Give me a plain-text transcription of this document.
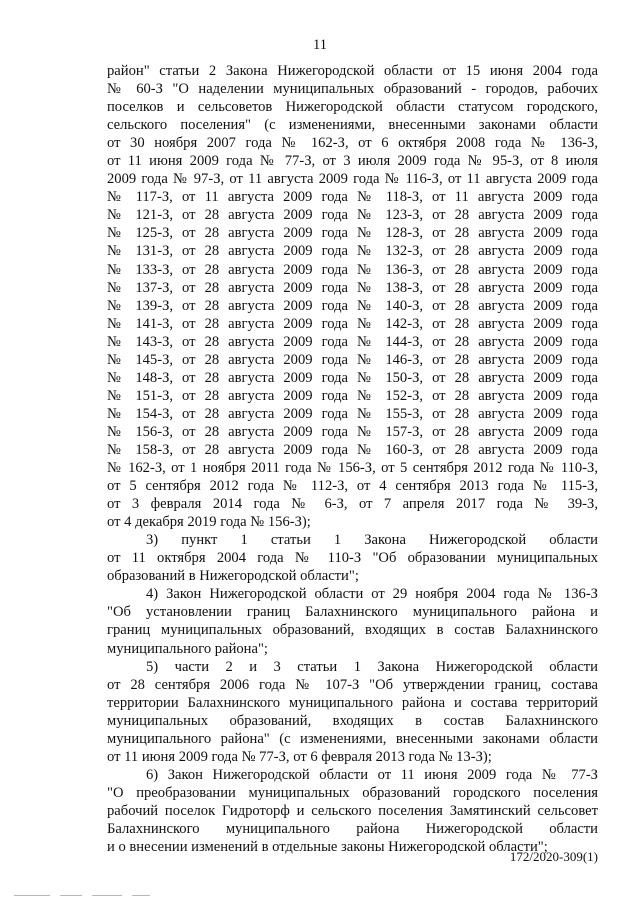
11
район" статьи 2 Закона Нижегородской области от 15 июня 2004 года
№ 60-З "О наделении муниципальных образований - городов, рабочих
поселков и сельсоветов Нижегородской области статусом городского,
сельского поселения" (с изменениями, внесенными законами области
от 30 ноября 2007 года № 162-З, от 6 октября 2008 года № 136-З,
от 11 июня 2009 года № 77-З, от 3 июля 2009 года № 95-З, от 8 июля
2009 года № 97-З, от 11 августа 2009 года № 116-З, от 11 августа 2009 года
№ 117-З, от 11 августа 2009 года № 118-З, от 11 августа 2009 года
№ 121-З, от 28 августа 2009 года № 123-З, от 28 августа 2009 года
№ 125-З, от 28 августа 2009 года № 128-З, от 28 августа 2009 года
№ 131-З, от 28 августа 2009 года № 132-З, от 28 августа 2009 года
№ 133-З, от 28 августа 2009 года № 136-З, от 28 августа 2009 года
№ 137-З, от 28 августа 2009 года № 138-З, от 28 августа 2009 года
№ 139-З, от 28 августа 2009 года № 140-З, от 28 августа 2009 года
№ 141-З, от 28 августа 2009 года № 142-З, от 28 августа 2009 года
№ 143-З, от 28 августа 2009 года № 144-З, от 28 августа 2009 года
№ 145-З, от 28 августа 2009 года № 146-З, от 28 августа 2009 года
№ 148-З, от 28 августа 2009 года № 150-З, от 28 августа 2009 года
№ 151-З, от 28 августа 2009 года № 152-З, от 28 августа 2009 года
№ 154-З, от 28 августа 2009 года № 155-З, от 28 августа 2009 года
№ 156-З, от 28 августа 2009 года № 157-З, от 28 августа 2009 года
№ 158-З, от 28 августа 2009 года № 160-З, от 28 августа 2009 года
№ 162-З, от 1 ноября 2011 года № 156-З, от 5 сентября 2012 года № 110-З,
от 5 сентября 2012 года № 112-З, от 4 сентября 2013 года № 115-З,
от 3 февраля 2014 года № 6-З, от 7 апреля 2017 года № 39-З,
от 4 декабря 2019 года № 156-З);
3) пункт 1 статьи 1 Закона Нижегородской области
от 11 октября 2004 года № 110-З "Об образовании муниципальных
образований в Нижегородской области";
4) Закон Нижегородской области от 29 ноября 2004 года № 136-З
"Об установлении границ Балахнинского муниципального района и
границ муниципальных образований, входящих в состав Балахнинского
муниципального района";
5) части 2 и 3 статьи 1 Закона Нижегородской области
от 28 сентября 2006 года № 107-З "Об утверждении границ, состава
территории Балахнинского муниципального района и состава территорий
муниципальных образований, входящих в состав Балахнинского
муниципального района" (с изменениями, внесенными законами области
от 11 июня 2009 года № 77-З, от 6 февраля 2013 года № 13-З);
6) Закон Нижегородской области от 11 июня 2009 года № 77-З
"О преобразовании муниципальных образований городского поселения
рабочий поселок Гидроторф и сельского поселения Замятинский сельсовет
Балахнинского муниципального района Нижегородской области
и о внесении изменений в отдельные законы Нижегородской области";
172/2020-309(1)
